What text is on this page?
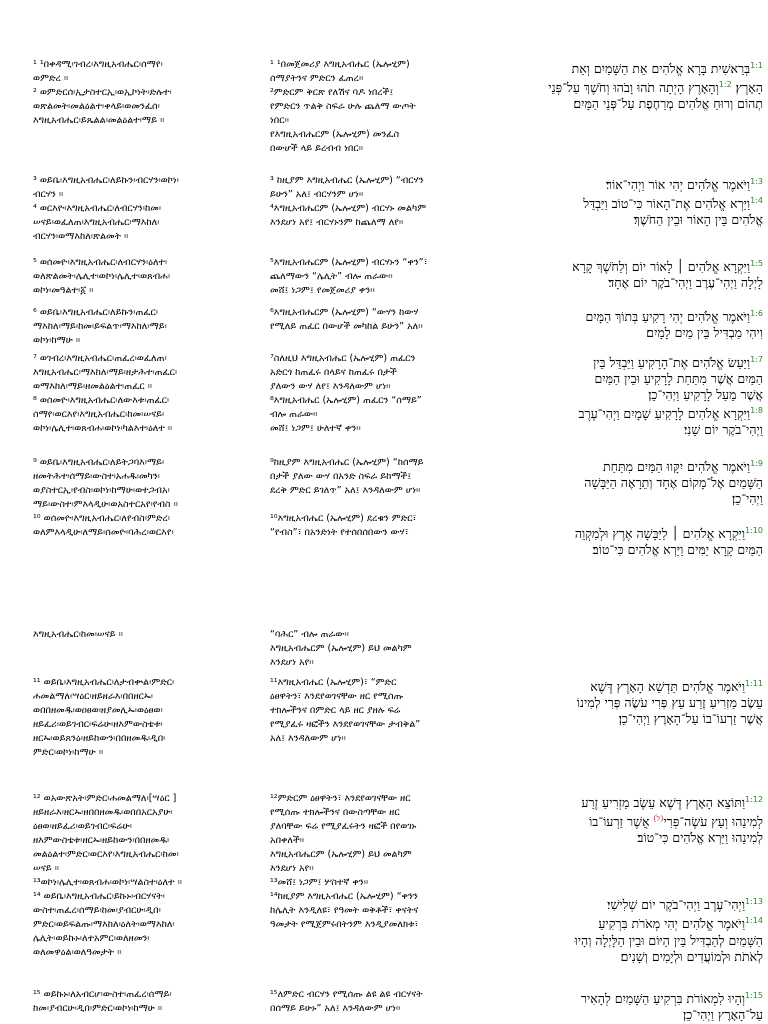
¹ ¹በቀዳሚ፡ገብረ፡እግዚአብሔር፡ሰማየ፡
ወምድረ ።
² ወምድርሰ፡ኢታስተርኢ፡ወኢኮነት፡ድሉተ፡
ወጽልመት፡መልዕልተ፡ቀላይ፡ወመንፈሰ፡
እግዚአብሔር፡ይጼልል፡መልዕልተ፡ማይ ።
¹ ¹በመጀመሪያ እግዚአብሔር (ኤሎሂም)
ሰማያትንና ምድርን ፈጠረ፡፡
²ምድርም ቅርጽ የለሽና ባዶ ነበረች፤
የምድርን ጥልቅ ስፍራ ሁሉ ጨለማ ውጦት
ነበር፡፡
የእግዚአብሔርም (ኤሎሂም) መንፈስ
በውሆች ላይ ይረብብ ነበር፡፡
$^{1:1}$בְּרֵאשִׁית בָּרָא אֱלֹהִים אֵת הַשָּׁמַיִם וְאֵת
הָאָרֶץ׃ $^{1:2}$וְהָאָרֶץ הָיְתָה תֹהוּ וָבֹהוּ וְחֹשֶׁךְ עַל־פְּנֵי
תְהוֹם וְרוּחַ אֱלֹהִים מְרַחֶפֶת עַל־פְּנֵי הַמָּיִם׃
³ ወይቤ፡እግዚአብሔር፡ለይኩን፡ብርሃን፡ወኮነ፡
ብርሃን ።
⁴ ወርእዮ፡እግዚአብሔር፡ለብርሃን፡ከመ፡
ሠናይ፡ወፈለጠ፡እግዚአብሔር፡ማእከለ፡
ብርሃን፡ወማእከለ፡ጽልመት ።
³ ከዚያም እግዚአብሔር (ኤሎሂም) “ብርሃን
ይሁን” አለ፤ ብርሃንም ሆነ፡፡
⁴እግዚአብሔርም (ኤሎሂም) ብርሃኑ መልካም
እንደሆነ አየ፤ ብርሃኑንም ከጨለማ ለየ፡፡
$^{1:3}$וַיֹּאמֶר אֱלֹהִים יְהִי אוֹר וַיְהִי־אוֹר׃
$^{1:4}$וַיַּרְא אֱלֹהִים אֶת־הָאוֹר כִּי־טוֹב וַיַּבְדֵּל
אֱלֹהִים בֵּין הָאוֹר וּבֵין הַחֹשֶׁךְ׃
⁵ ወሰመዮ፡እግዚአብሔር፡ለብርሃን፡ዕለተ፡
ወለጽልመት፡ሌሊተ፡ወኮነ፡ሌሊተ፡ወጸብሐ፡
ወኮነ፡መዓልተ፡፩ ።
⁵እግዚአብሔርም (ኤሎሂም) ብርሃኑን “ቀን”፣
ጨለማውን “ሌሊት” ብሎ ጠራው፡፡
መሸ፤ ነጋም፤ የመጀመሪያ ቀን፡፡
$^{1:5}$וַיִּקְרָא אֱלֹהִים ׀ לָאוֹר יוֹם וְלַחֹשֶׁךְ קָרָא
לָיְלָה וַיְהִי־עֶרֶב וַיְהִי־בֹקֶר יוֹם אֶחָד׃
⁶ ወይቤ፡እግዚአብሔር፡ለይኩን፡ጠፈር፡
ማእከለ፡ማይ፡ከመ፡ይፍልጥ፡ማእከለ፡ማይ፡
ወኮነ፡ከማሁ ።
⁶እግዚአብሔርም (ኤሎሂም) “ውሃን ከውሃ
የሚለይ ጠፈር በውሆች መካከል ይሁን” አለ፡፡
$^{1:6}$וַיֹּאמֶר אֱלֹהִים יְהִי רָקִיעַ בְּתוֹךְ הַמָּיִם
וִיהִי מַבְדִּיל בֵּין מַיִם לָמָיִם׃
⁷ ወገብረ፡እግዚአብሔር፡ጠፈረ፡ወፈለጠ፡
እግዚአብሔር፡ማእከለ፡ማይ፡ዘታሕተ፡ጠፈር፡
ወማእከለ፡ማይ፡ዘመልዕልተ፡ጠፈር ።
⁸ ወሰመዮ፡እግዚአብሔር፡ለውእቱ፡ጠፈር፡
ሰማየ፡ወርእየ፡እግዚአብሔር፡ከመ፡ሠናይ፡
ወኮነ፡ሌሊተ፡ወጸብሐ፡ወኮነ፡ካልእተ፡ዕለተ ።
⁷ስለዚህ እግዚአብሔር (ኤሎሂም) ጠፈርን
አድርጎ ከጠፈሩ በላይና ከጠፈሩ በታች
ያለውን ውሃ ለየ፤ እንዳለውም ሆነ፡፡
⁸እግዚአብሔር (ኤሎሂም) ጠፈርን “ሰማይ”
ብሎ ጠራው፡፡
መሸ፤ ነጋም፤ ሁለተኛ ቀን፡፡
$^{1:7}$וַיַּעַשׂ אֱלֹהִים אֶת־הָרָקִיעַ וַיַּבְדֵּל בֵּין
הַמַּיִם אֲשֶׁר מִתַּחַת לָרָקִיעַ וּבֵין הַמַּיִם
אֲשֶׁר מֵעַל לָרָקִיעַ וַיְהִי־כֵן׃
$^{1:8}$וַיִּקְרָא אֱלֹהִים לָרָקִיעַ שָׁמָיִם וַיְהִי־עֶרֶב
וַיְהִי־בֹקֶר יוֹם שֵׁנִי׃
⁹ ወይቤ፡እግዚአብሔር፡ለይትጋባእ፡ማይ፡
ዘመትሕተ፡ሰማይ፡ውስተ፡አሐዱ፡መካን፡
ወያስተርኢ፡የብስ፡ወኮነ፡ከማሁ፡ወተጋብአ፡
ማይ፡ውስተ፡ምእላዲሁ፡ወአስተርአየ፡የብስ ።
¹⁰ ወሰመዮ፡እግዚአብሔር፡ለየብስ፡ምድረ፡
ወለምእላዲሁ፡ለማይ፡ሰመዮ፡ባሕረ፡ወርእየ፡
⁹ከዚያም እግዚአብሔር (ኤሎሂም) “ከሰማይ
በታች ያለው ውሃ በአንድ ስፍራ ይከማች፤
ደረቅ ምድር ይገለጥ” አለ፤ እንዳለውም ሆነ፡፡

¹⁰እግዚአብሔር (ኤሎሂም) ደረቁን ምድር፣
“የብስ”፣ በአንድነት የተሰበሰበውን ውሃ፣
$^{1:9}$וַיֹּאמֶר אֱלֹהִים יִקָּווּ הַמַּיִם מִתַּחַת
הַשָּׁמַיִם אֶל־מָקוֹם אֶחָד וְתֵרָאֶה הַיַּבָּשָׁה
וַיְהִי־כֵן׃

$^{1:10}$וַיִּקְרָא אֱלֹהִים ׀ לַיַּבָּשָׁה אֶרֶץ וּלְמִקְוֵה
הַמַּיִם קָרָא יַמִּים וַיַּרְא אֱלֹהִים כִּי־טוֹב׃
እግዚአብሔር፡ከመ፡ሠናይ ።	“ባሕር” ብሎ ጠራው፡፡
እግዚአብሔርም (ኤሎሂም) ይህ መልካም
እንደሆነ አየ፡፡

¹¹ ወይቤ፡እግዚአብሔር፡ለታብቍል፡ምድር፡
ሐመልማለ፡ሣዕር፡ዘይዘራእ፡በበዘርኡ፡
ወበበዘመዱ፡ወዐፀወ፡ዘያመሊኡ፡ወዕፀወ፡
ዘይፈሪ፡ወይገብር፡ፍሬሁ፡ዘእምውስቴቱ፡
ዘርኡ፡ወይጸንዕ፡ዘይከውን፡በበዘመዱ፡ዲበ፡
ምድር፡ወኮነ፡ከማሁ ።
¹¹እግዚአብሔር (ኤሎሂም)፣ “ምድር
ዕፀዋትን፣ እንደየወገናቸው ዘር የሚሰጡ
ተክሎችንና በምድር ላይ ዘር ያዘሉ ፍሬ
የሚያፈሩ ዛፎችን እንደየወገናቸው ታብቅል”
አለ፤ እንዳለውም ሆነ፡፡
$^{1:11}$וַיֹּאמֶר אֱלֹהִים תַּדְשֵׁא הָאָרֶץ דֶּשֶׁא
עֵשֶׂב מַזְרִיעַ זֶרַע עֵץ פְּרִי עֹשֶׂה פְּרִי לְמִינוֹ
אֲשֶׁר זַרְעוֹ־בוֹ עַל־הָאָרֶץ וַיְהִי־כֵן׃
¹² ወአውጽአት፡ምድር፡ሐመልማለ፡[ሣዕር ]
ዘይዘራእ፡ዘርኡ፡ዘበበዘመዱ፡ወበበአርአያሁ፡
ዕፀወ፡ዘይፈሪ፡ወይገብር፡ፍሬሁ፡
ዘእምውስቴቱ፡ዘርኡ፡ዘይከውን፡በበዘመዱ፡
መልዕልተ፡ምድር፡ወርእየ፡እግዚአብሔር፡ከመ፡
ሠናይ ።
¹³ወኮነ፡ሌሊተ፡ወጸብሐ፡ወኮነ፡ሣልስተ፡ዕለተ ።
¹⁴ ወይቤ፡እግዚአብሔር፡ይኩኑ፡ብርሃናት፡
ውስተ፡ጠፈረ፡ሰማይ፡ከመ፡ያብርሁ፡ዲበ፡
ምድር፡ወይፍልጡ፡ማእከለ፡ዕለት፡ወማእከለ፡
ሌሊት፡ወይኩኑ፡ለተአምር፡ወለዘመን፡
ወለመዋዕል፡ወለዓመታት ።
¹²ምድርም ዕፀዋትን፣ እንደየወገናቸው ዘር
የሚሰጡ ተክሎችንና በውስጣቸው ዘር
ያለባቸው ፍሬ የሚያፈሩትን ዛፎች በየወገኑ
አበቀለች፡፡
እግዚአብሔርም (ኤሎሂም) ይህ መልካም
እንደሆነ አየ፡፡
¹³መሸ፤ ነጋም፤ ሦስተኛ ቀን፡፡
¹⁴ከዚያም እግዚአብሔር (ኤሎሂም) “ቀንን
ከሌሊት እንዲለዩ፣ የዓመት ወቅቶች፣ ቀናትና
ዓመታት የሚጀምሩበትንም እንዲያመለክቱ፣
$^{1:12}$וַתּוֹצֵא הָאָרֶץ דֶּשֶׁא עֵשֶׂב מַזְרִיעַ זֶרַע
לְמִינֵהוּ וְעֵץ עֹשֶׂה־פְּרִי$^{(ל)}$ אֲשֶׁר זַרְעוֹ־בוֹ
לְמִינֵהוּ וַיַּרְא אֱלֹהִים כִּי־טוֹב׃

$^{1:13}$וַיְהִי־עֶרֶב וַיְהִי־בֹקֶר יוֹם שְׁלִישִׁי׃
$^{1:14}$וַיֹּאמֶר אֱלֹהִים יְהִי מְאֹרֹת בִּרְקִיעַ
הַשָּׁמַיִם לְהַבְדִּיל בֵּין הַיּוֹם וּבֵין הַלָּיְלָה וְהָיוּ
לְאֹתֹת וּלְמוֹעֲדִים וּלְיָמִים וְשָׁנִים׃
¹⁵ ወይኩኑ፡ለአብርሆ፡ውስተ፡ጠፈረ፡ሰማይ፡
ከመ፡ያብርሁ፡ዲበ፡ምድር፡ወኮነ፡ከማሁ ።
¹⁵ለምድር ብርሃን የሚሰጡ ልዩ ልዩ ብርሃናት
በሰማይ ይሁኑ” አለ፤ እንዳለውም ሆነ፡፡
$^{1:15}$וְהָיוּ לִמְאוֹרֹת בִּרְקִיעַ הַשָּׁמַיִם לְהָאִיר
עַל־הָאָרֶץ וַיְהִי־כֵן׃
